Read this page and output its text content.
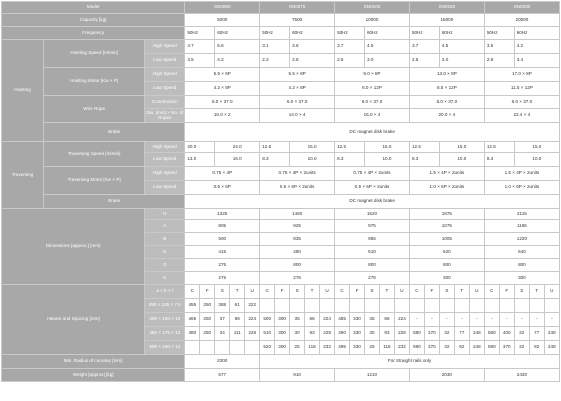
Model			SN0050					SN0075					SN0100					SN0150					SN0200				
Capacity [kg]			5000					7500					10000					15000					20000				
Frequency			50Hz		60Hz			50Hz		60Hz			50Hz		60Hz			50Hz		60Hz			50Hz		60Hz		
Hoisting	Hoisting Speed [m/min]	High Speed	4.7		5.6			3.1		3.8			3.7		4.5			3.7		4.5			3.5		4.2		
		Low Speed	3.5		4.2			2.3		2.8			2.5		3.0			2.5		3.0			2.8		3.4		
	Hoisting Motor [Kw × P]	High Speed	5.5 × 6P					5.5 × 8P					9.0 × 8P					13.0 × 8P					17.0 × 8P				
		Low Speed	4.2 × 8P					4.2 × 8P					6.0 × 12P					8.5 × 12P					11.5 × 12P				
	Wire Rope	Construction	6.0 × 37.0					6.0 × 37.0					6.0 × 37.0					6.0 × 37.0					6.0 × 37.0				
		Dia. [mm] × No. of Ropes	16.0 × 2					14.0 × 4					16.0 × 4					20.0 × 4					22.4 × 4				
	Brake		DC magnet disk brake																								
Traversing	Traversing Speed [m/min]	High Speed	20.0		24.0			12.5		15.0			12.5		15.0			12.5		15.0			12.5		15.0		
		Low Speed	13.0		16.0			8.3		10.0			8.3		10.0			8.3		10.0			8.3		10.0		
	Traversing Motor [Kw × P]	High Speed	0.75 × 4P					0.75 × 4P × 2units					0.75 × 4P × 2units					1.5 × 4P × 2units					1.5 × 4P × 2units				
		Low Speed	0.5 × 6P					0.5 × 6P × 2units					0.5 × 6P × 2units					1.0 × 6P × 2units					1.0 × 6P × 2units				
	Brake		DC magnet disk brake																								
Dimensions [approx.] [mm]		H	1325					1460					1520					1875					2115				
		A	805					925					975					1075					1165				
		B	500					835					955					1005					1220				
		D	415					480					510					620					640				
		G	275					800					800					800					800				
		K	275					276					276					300					300				
I-Beam and Spacing [mm]		a × b × t	C	F	S	T	U	C	F	S	T	U	C	F	S	T	U	C	F	S	T	U	C	F	S	T	U
		250 × 125 × 7.5	455	250	388	61	222																				
		300 × 150 × 10	465	250	37	86	224	500	300	35	68	224	485	330	35	68	224	-	-	-	-	-	-	-	-	-	-
		450 × 175 × 13	480	250	34	111	228	510	300	30	93	228	490	330	30	93	228	580	370	32	77	248	580	400	32	77	248
		600 × 190 × 13						520	300	25	118	232	495	330	25	118	232	590	370	32	92	248	590	370	32	92	248
Min. Radius of curvatur [mm]			2300					For Straight rails only																			
Weight [approx] [kg]			577					910					1210					2030					2430				
